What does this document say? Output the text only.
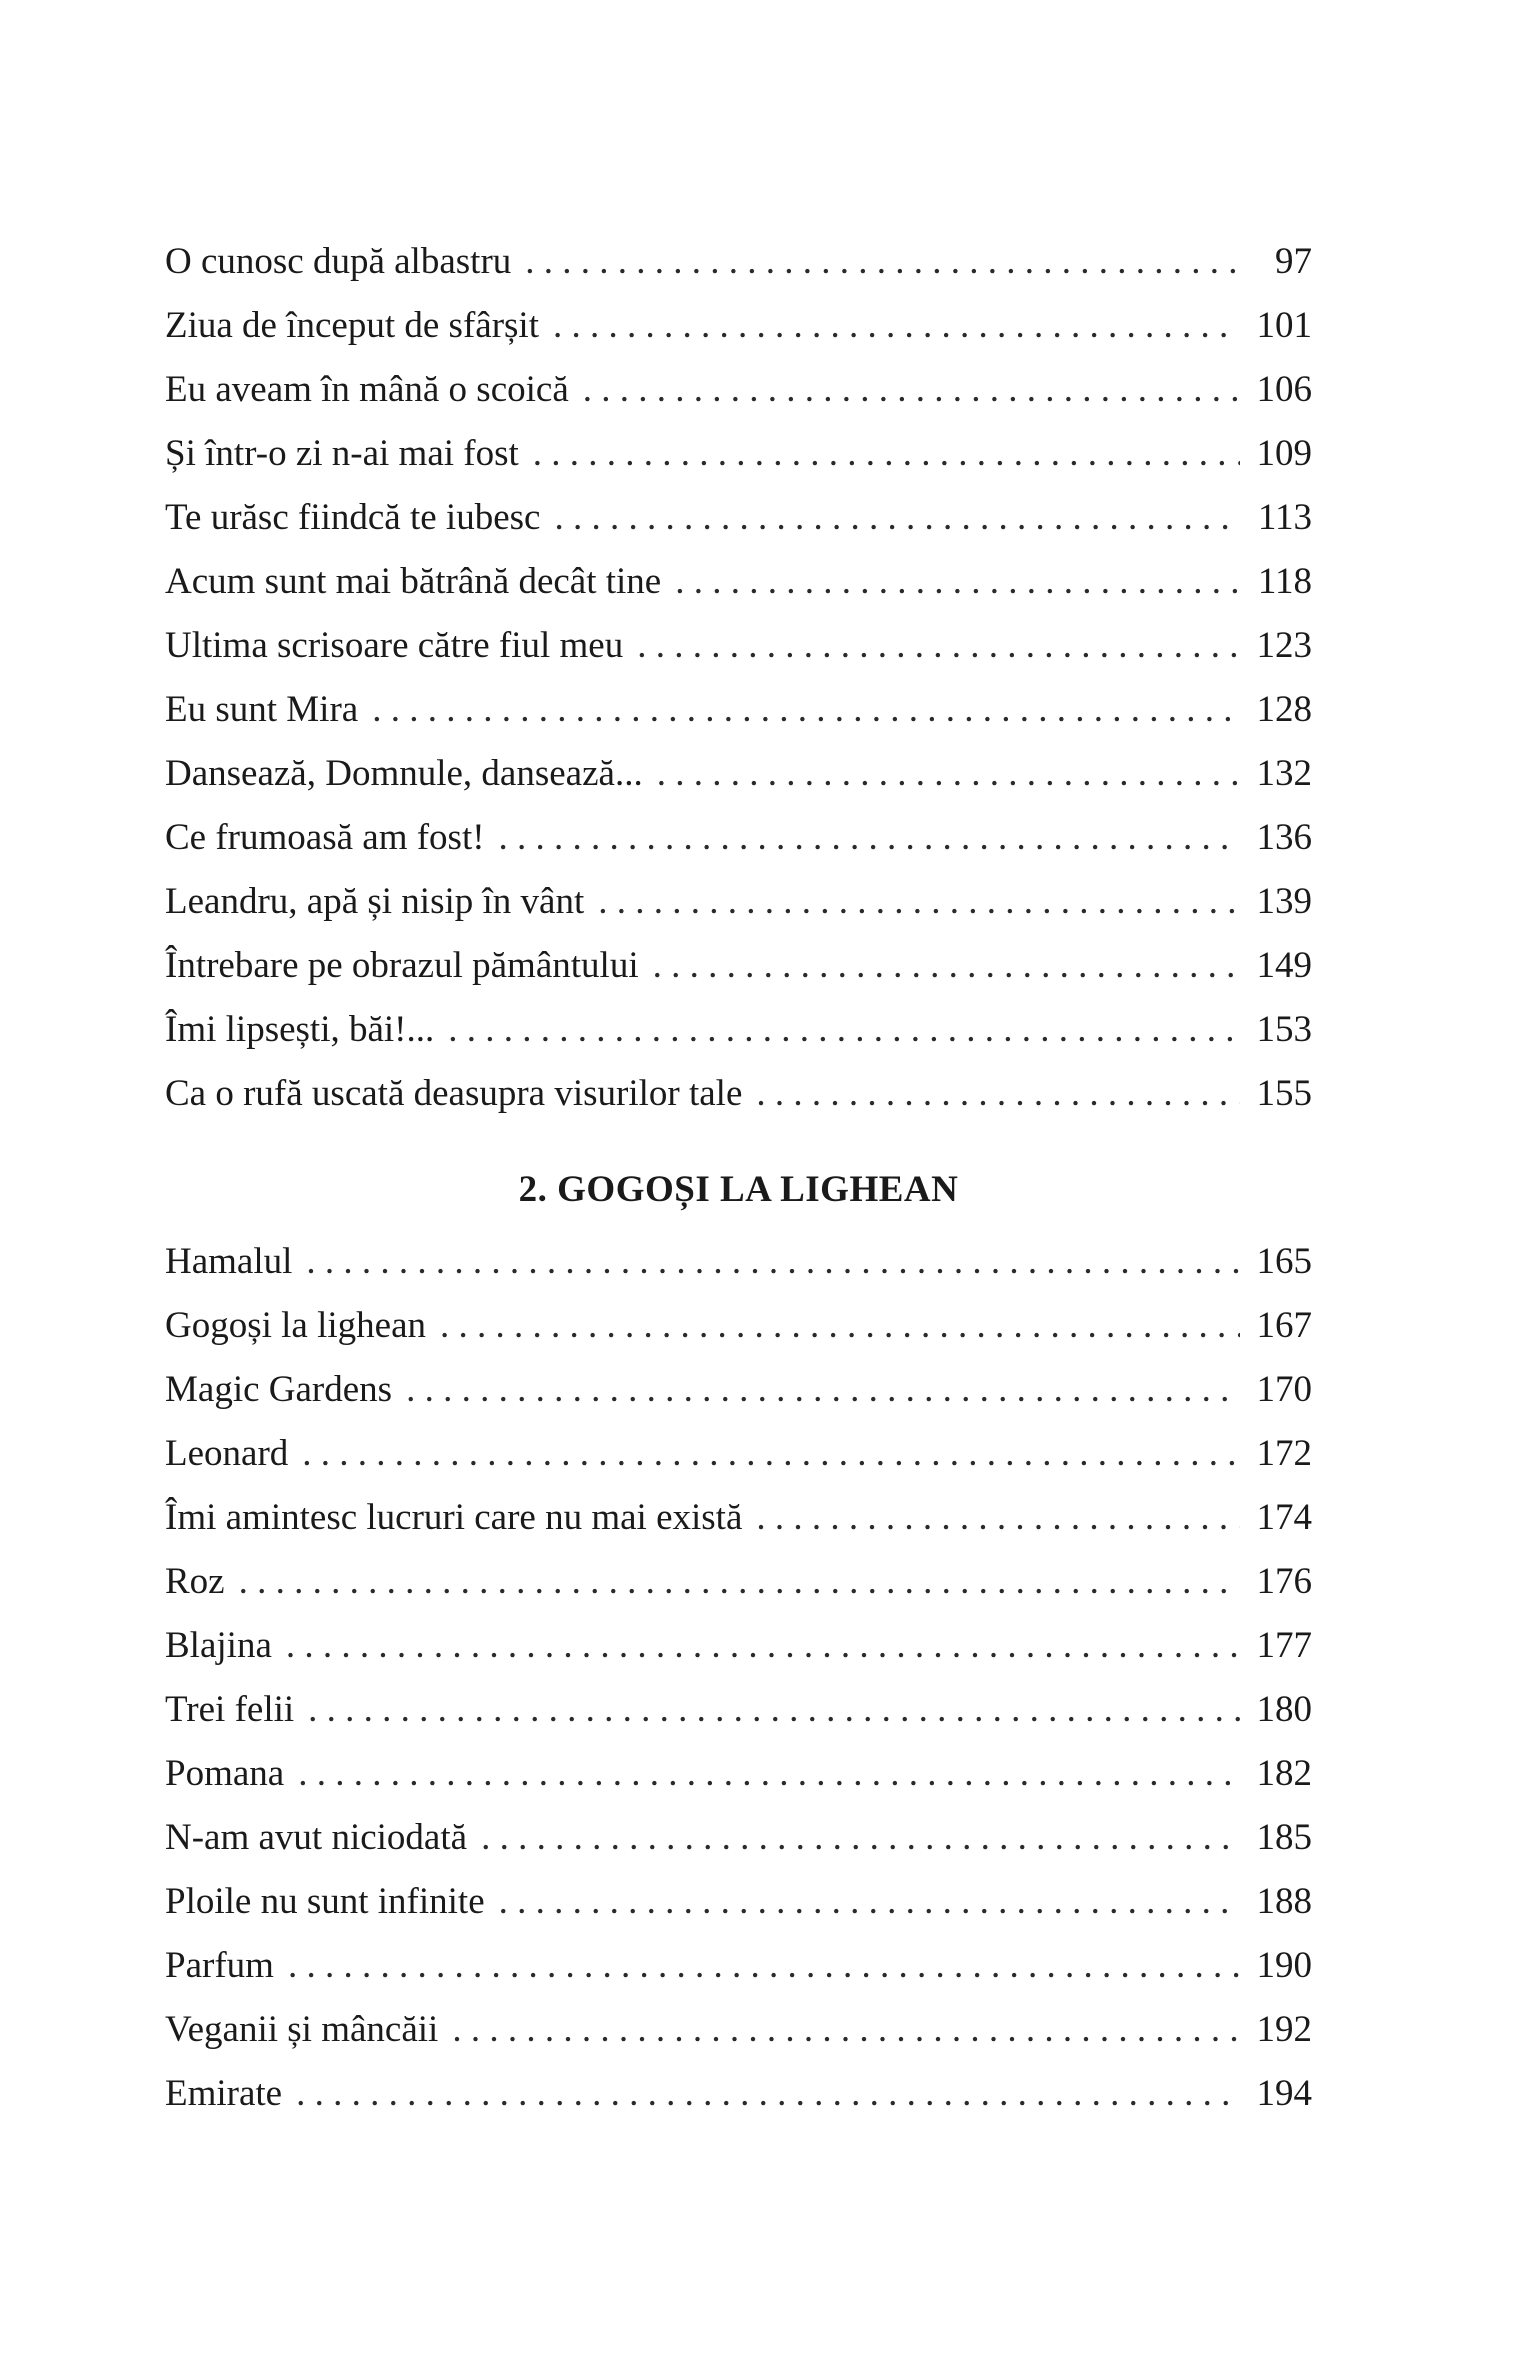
O cunosc după albastru . . .	97
Ziua de început de sfârșit . . .	101
Eu aveam în mână o scoică . . .	106
Și într-o zi n-ai mai fost . . .	109
Te urăsc fiindcă te iubesc . . .	113
Acum sunt mai bătrână decât tine . . .	118
Ultima scrisoare către fiul meu . . .	123
Eu sunt Mira . . .	128
Dansează, Domnule, dansează... . . .	132
Ce frumoasă am fost! . . .	136
Leandru, apă și nisip în vânt . . .	139
Întrebare pe obrazul pământului . . .	149
Îmi lipsești, băi!... . . .	153
Ca o rufă uscată deasupra visurilor tale . . .	155
2. GOGOȘI LA LIGHEAN
Hamalul . . .	165
Gogoși la lighean . . .	167
Magic Gardens . . .	170
Leonard . . .	172
Îmi amintesc lucruri care nu mai există . . .	174
Roz . . .	176
Blajina . . .	177
Trei felii . . .	180
Pomana . . .	182
N-am avut niciodată . . .	185
Ploile nu sunt infinite . . .	188
Parfum . . .	190
Veganii și mâncăii . . .	192
Emirate . . .	194
